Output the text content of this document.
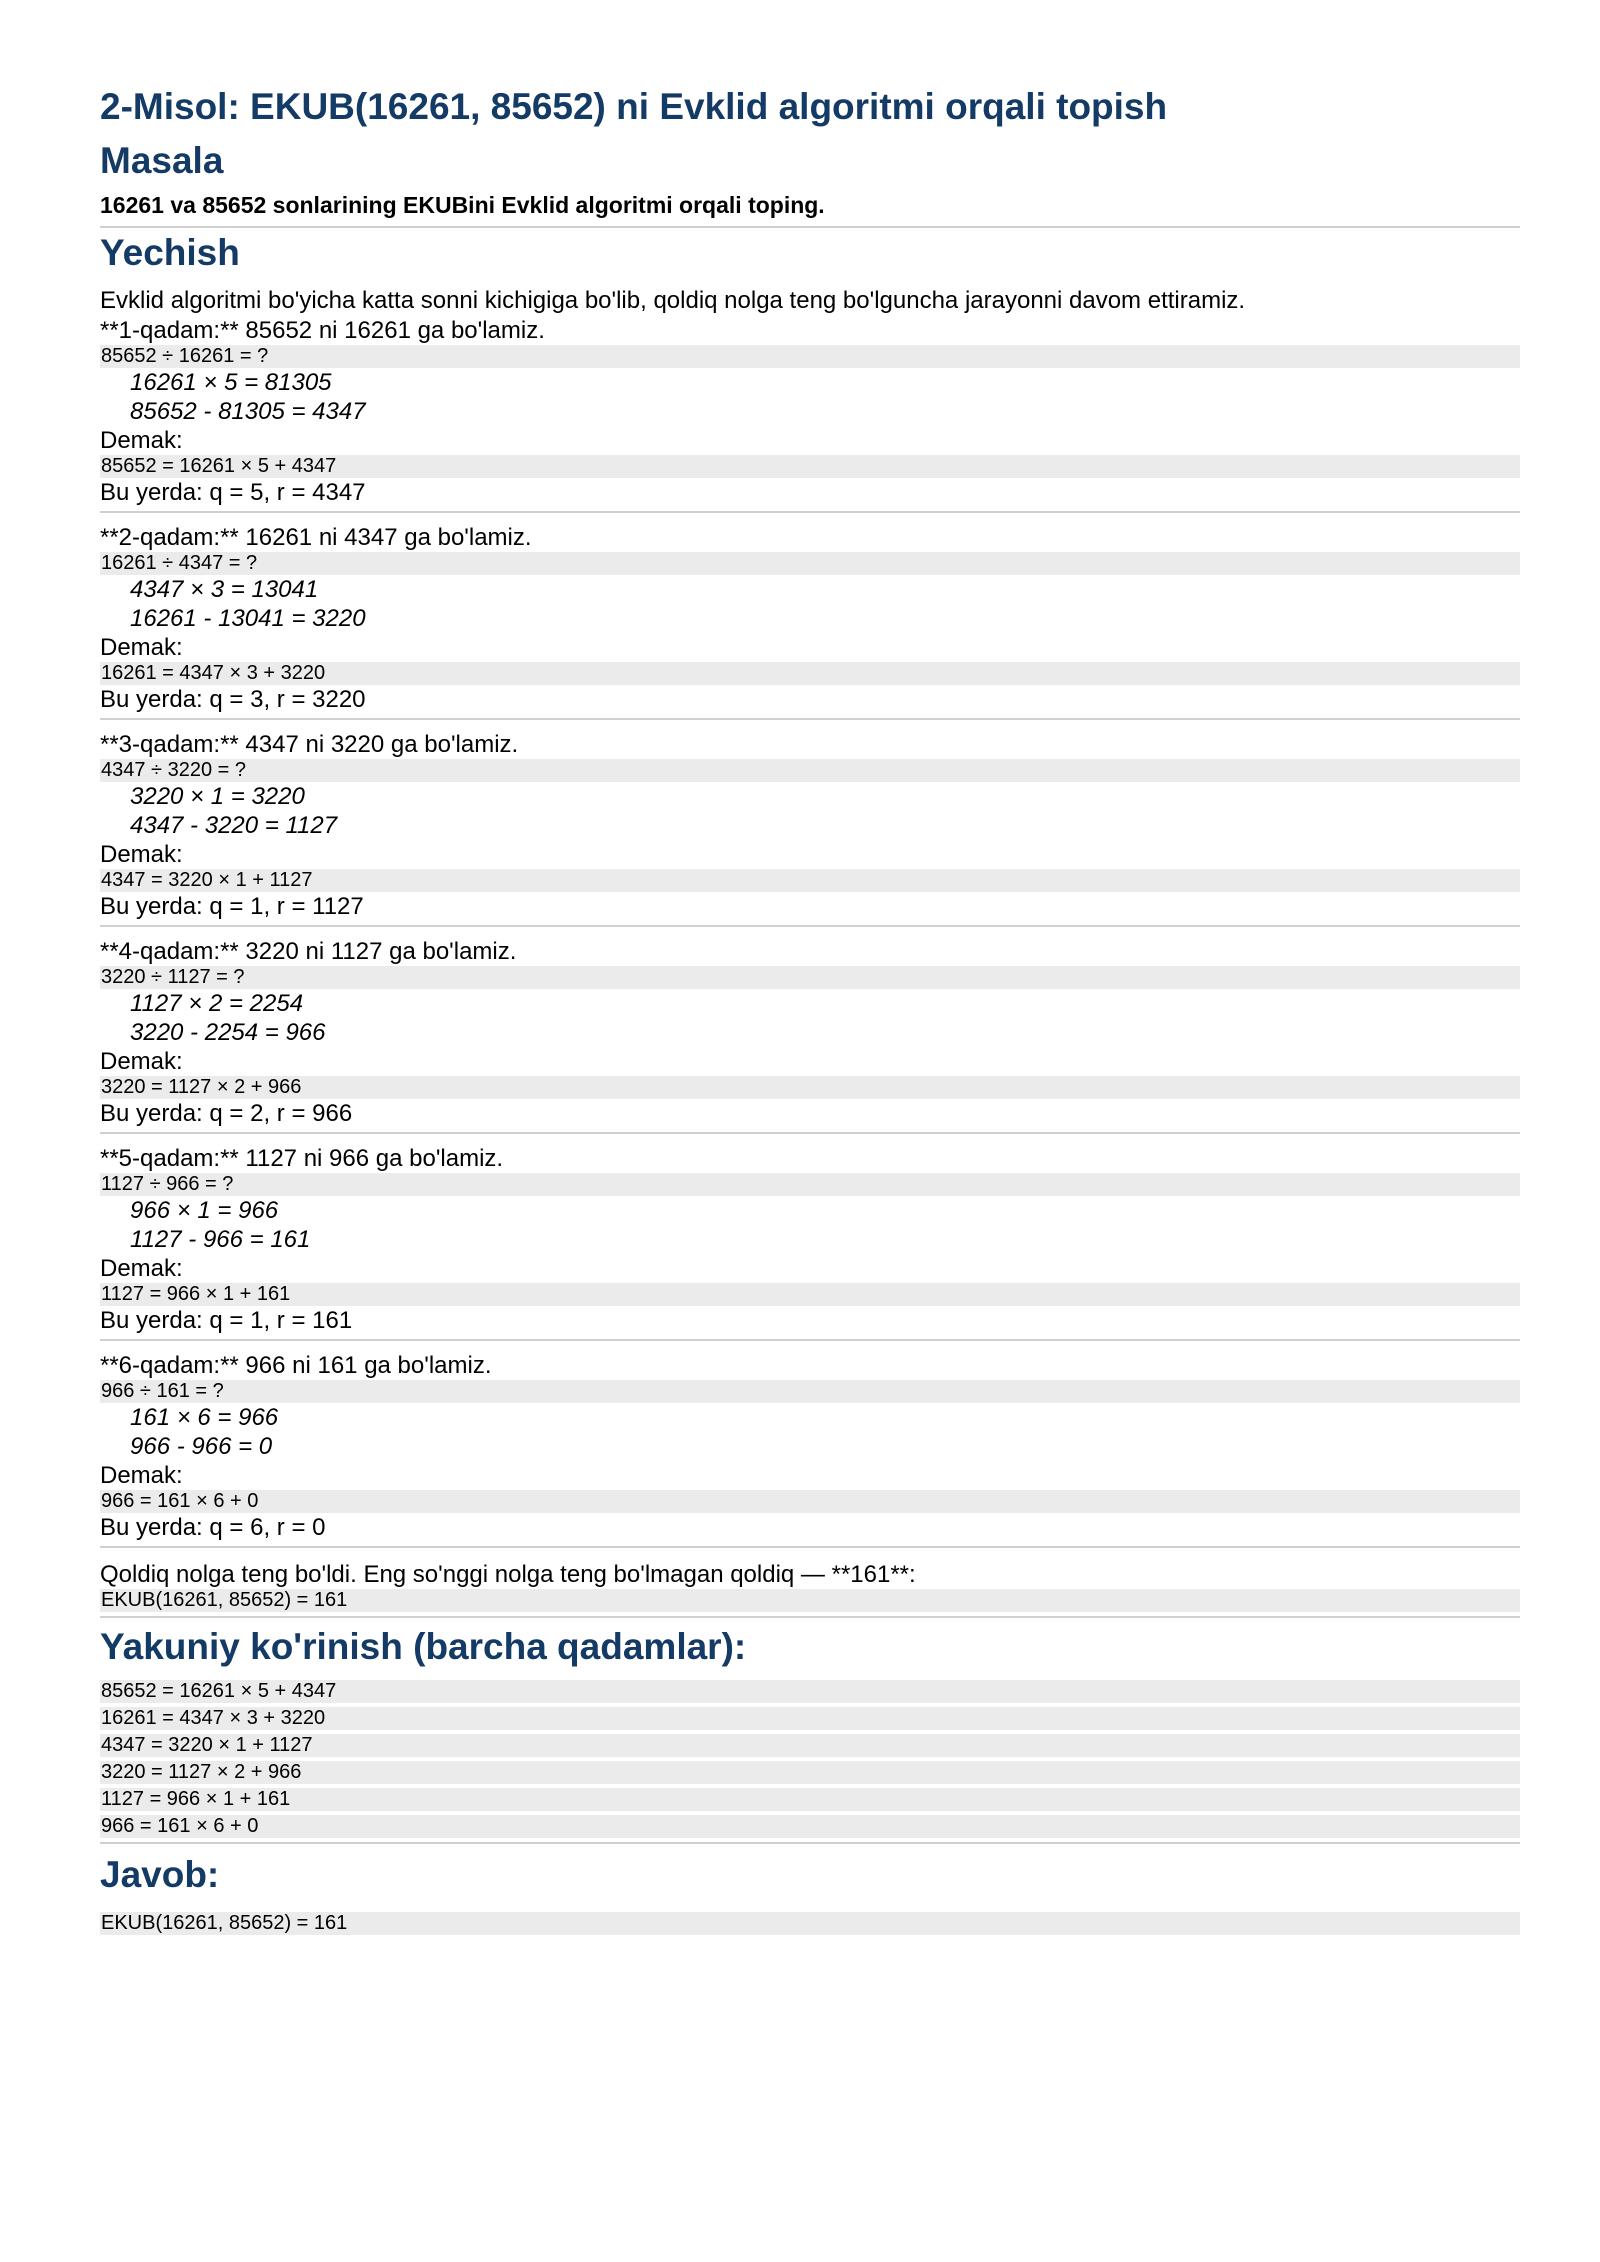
2-Misol: EKUB(16261, 85652) ni Evklid algoritmi orqali topish
Masala

16261 va 85652 sonlarining EKUBini Evklid algoritmi orqali toping.

Yechish
Evklid algoritmi bo'yicha katta sonni kichigiga bo'lib, qoldiq nolga teng bo'lguncha jarayonni davom ettiramiz.
**1-qadam:** 85652 ni 16261 ga bo'lamiz.
85652 ÷ 16261 = ?
16261 × 5 = 81305
85652 - 81305 = 4347
Demak:
85652 = 16261 × 5 + 4347
Bu yerda: q = 5, r = 4347
**2-qadam:** 16261 ni 4347 ga bo'lamiz.
16261 ÷ 4347 = ?
4347 × 3 = 13041
16261 - 13041 = 3220
Demak:
16261 = 4347 × 3 + 3220
Bu yerda: q = 3, r = 3220
**3-qadam:** 4347 ni 3220 ga bo'lamiz.
4347 ÷ 3220 = ?
3220 × 1 = 3220
4347 - 3220 = 1127
Demak:
4347 = 3220 × 1 + 1127
Bu yerda: q = 1, r = 1127
**4-qadam:** 3220 ni 1127 ga bo'lamiz.
3220 ÷ 1127 = ?
1127 × 2 = 2254
3220 - 2254 = 966
Demak:
3220 = 1127 × 2 + 966
Bu yerda: q = 2, r = 966
**5-qadam:** 1127 ni 966 ga bo'lamiz.
1127 ÷ 966 = ?
966 × 1 = 966
1127 - 966 = 161
Demak:
1127 = 966 × 1 + 161
Bu yerda: q = 1, r = 161
**6-qadam:** 966 ni 161 ga bo'lamiz.
966 ÷ 161 = ?
161 × 6 = 966
966 - 966 = 0
Demak:
966 = 161 × 6 + 0
Bu yerda: q = 6, r = 0
Qoldiq nolga teng bo'ldi. Eng so'nggi nolga teng bo'lmagan qoldiq — **161**:
EKUB(16261, 85652) = 161
Yakuniy ko'rinish (barcha qadamlar):
85652 = 16261 × 5 + 4347
16261 = 4347 × 3 + 3220
4347 = 3220 × 1 + 1127
3220 = 1127 × 2 + 966
1127 = 966 × 1 + 161
966 = 161 × 6 + 0
Javob:
EKUB(16261, 85652) = 161
